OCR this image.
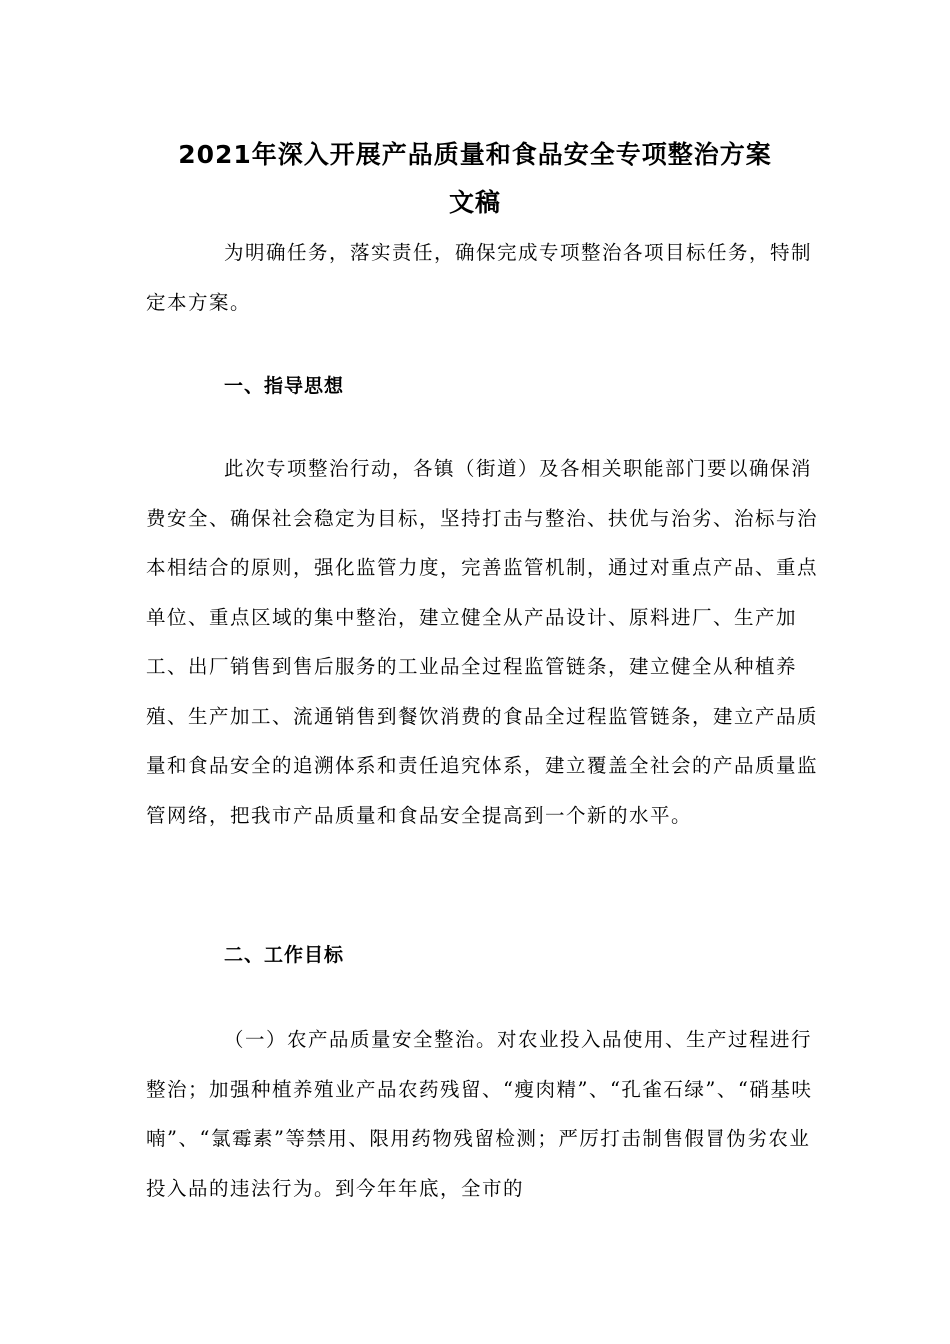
2021年深入开展产品质量和食品安全专项整治方案
文稿

为明确任务，落实责任，确保完成专项整治各项目标任务，特制定本方案。

一、指导思想

此次专项整治行动，各镇（街道）及各相关职能部门要以确保消费安全、确保社会稳定为目标，坚持打击与整治、扶优与治劣、治标与治本相结合的原则，强化监管力度，完善监管机制，通过对重点产品、重点单位、重点区域的集中整治，建立健全从产品设计、原料进厂、生产加工、出厂销售到售后服务的工业品全过程监管链条，建立健全从种植养殖、生产加工、流通销售到餐饮消费的食品全过程监管链条，建立产品质量和食品安全的追溯体系和责任追究体系，建立覆盖全社会的产品质量监管网络，把我市产品质量和食品安全提高到一个新的水平。

二、工作目标

（一）农产品质量安全整治。对农业投入品使用、生产过程进行整治；加强种植养殖业产品农药残留、“瘦肉精”、“孔雀石绿”、“硝基呋喃”、“氯霉素”等禁用、限用药物残留检测；严厉打击制售假冒伪劣农业投入品的违法行为。到今年年底，全市的
